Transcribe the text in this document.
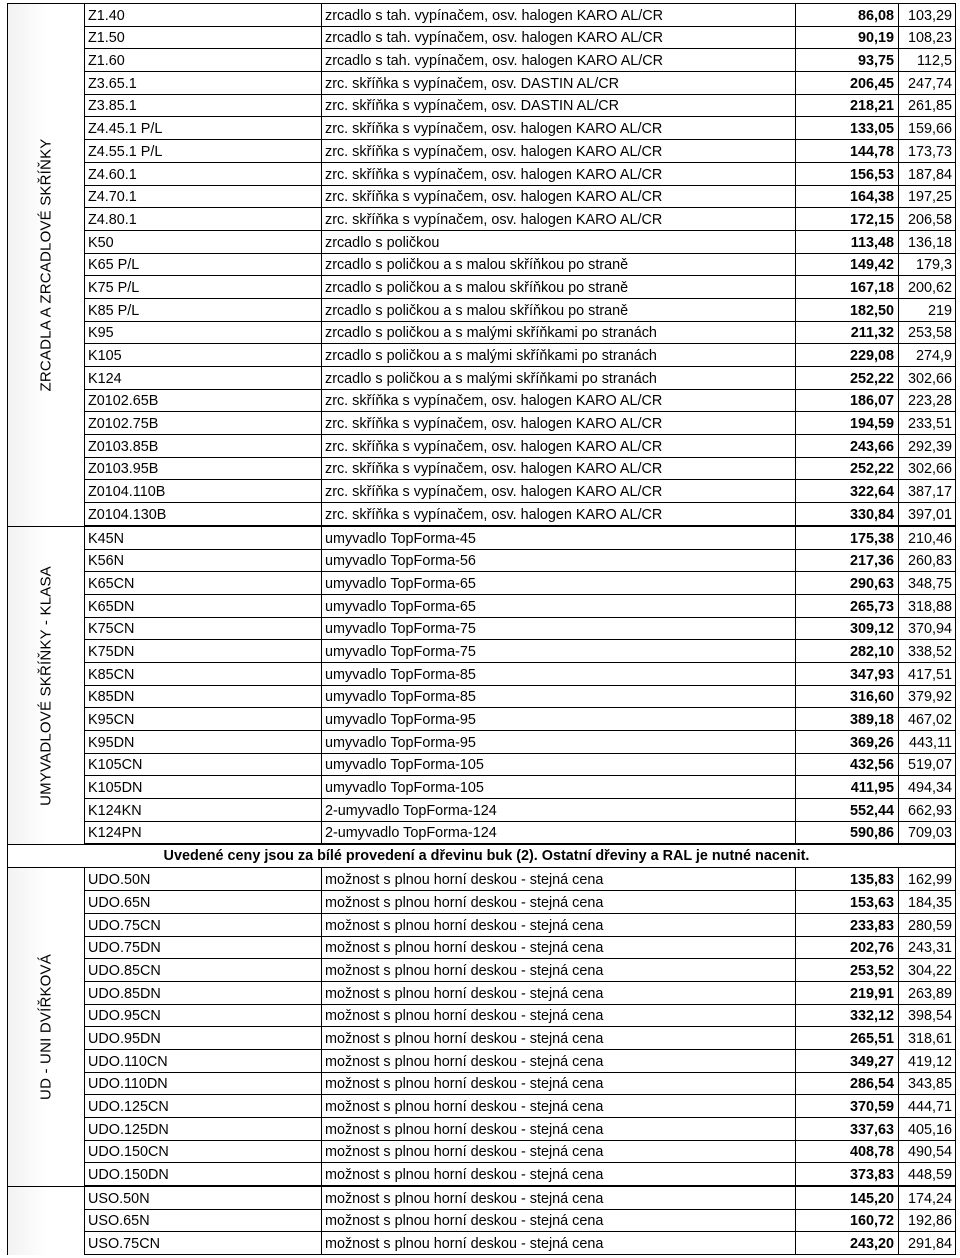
ZRCADLA A ZRCADLOVÉ SKŘÍŇKY
Z1.40	zrcadlo s tah. vypínačem, osv. halogen KARO AL/CR	86,08 103,29
Z1.50	zrcadlo s tah. vypínačem, osv. halogen KARO AL/CR	90,19 108,23
Z1.60	zrcadlo s tah. vypínačem, osv. halogen KARO AL/CR	93,75	112,5
Z3.65.1	zrc. skříňka s vypínačem, osv. DASTIN AL/CR	206,45 247,74
Z3.85.1	zrc. skříňka s vypínačem, osv. DASTIN AL/CR	218,21 261,85
Z4.45.1 P/L	zrc. skříňka s vypínačem, osv. halogen KARO AL/CR	133,05 159,66
Z4.55.1 P/L	zrc. skříňka s vypínačem, osv. halogen KARO AL/CR	144,78 173,73
Z4.60.1	zrc. skříňka s vypínačem, osv. halogen KARO AL/CR	156,53 187,84
Z4.70.1	zrc. skříňka s vypínačem, osv. halogen KARO AL/CR	164,38 197,25
Z4.80.1	zrc. skříňka s vypínačem, osv. halogen KARO AL/CR	172,15 206,58
K50	zrcadlo s poličkou	113,48 136,18
K65 P/L	zrcadlo s poličkou a s malou skříňkou po straně	149,42	179,3
K75 P/L	zrcadlo s poličkou a s malou skříňkou po straně	167,18 200,62
K85 P/L	zrcadlo s poličkou a s malou skříňkou po straně	182,50	219
K95	zrcadlo s poličkou a s malými skříňkami po stranách	211,32 253,58
K105	zrcadlo s poličkou a s malými skříňkami po stranách	229,08	274,9
K124	zrcadlo s poličkou a s malými skříňkami po stranách	252,22 302,66
Z0102.65B	zrc. skříňka s vypínačem, osv. halogen KARO AL/CR	186,07 223,28
Z0102.75B	zrc. skříňka s vypínačem, osv. halogen KARO AL/CR	194,59 233,51
Z0103.85B	zrc. skříňka s vypínačem, osv. halogen KARO AL/CR	243,66 292,39
Z0103.95B	zrc. skříňka s vypínačem, osv. halogen KARO AL/CR	252,22 302,66
Z0104.110B	zrc. skříňka s vypínačem, osv. halogen KARO AL/CR	322,64 387,17
Z0104.130B	zrc. skříňka s vypínačem, osv. halogen KARO AL/CR	330,84 397,01
UMYVADLOVÉ SKŘÍŇKY - KLASA
K45N	umyvadlo TopForma-45	175,38 210,46
K56N	umyvadlo TopForma-56	217,36 260,83
K65CN	umyvadlo TopForma-65	290,63 348,75
K65DN	umyvadlo TopForma-65	265,73 318,88
K75CN	umyvadlo TopForma-75	309,12 370,94
K75DN	umyvadlo TopForma-75	282,10 338,52
K85CN	umyvadlo TopForma-85	347,93 417,51
K85DN	umyvadlo TopForma-85	316,60 379,92
K95CN	umyvadlo TopForma-95	389,18 467,02
K95DN	umyvadlo TopForma-95	369,26	443,11
K105CN	umyvadlo TopForma-105	432,56 519,07
K105DN	umyvadlo TopForma-105	411,95 494,34
K124KN	2-umyvadlo TopForma-124	552,44 662,93
K124PN	2-umyvadlo TopForma-124	590,86 709,03
Uvedené ceny jsou za bílé provedení a dřevinu buk (2). Ostatní dřeviny a RAL je nutné nacenit.
UD - UNI DVÍŘKOVÁ
UDO.50N	možnost s plnou horní deskou - stejná cena	135,83 162,99
UDO.65N	možnost s plnou horní deskou - stejná cena	153,63 184,35
UDO.75CN	možnost s plnou horní deskou - stejná cena	233,83 280,59
UDO.75DN	možnost s plnou horní deskou - stejná cena	202,76 243,31
UDO.85CN	možnost s plnou horní deskou - stejná cena	253,52 304,22
UDO.85DN	možnost s plnou horní deskou - stejná cena	219,91 263,89
UDO.95CN	možnost s plnou horní deskou - stejná cena	332,12 398,54
UDO.95DN	možnost s plnou horní deskou - stejná cena	265,51 318,61
UDO.110CN	možnost s plnou horní deskou - stejná cena	349,27 419,12
UDO.110DN	možnost s plnou horní deskou - stejná cena	286,54 343,85
UDO.125CN	možnost s plnou horní deskou - stejná cena	370,59 444,71
UDO.125DN	možnost s plnou horní deskou - stejná cena	337,63 405,16
UDO.150CN	možnost s plnou horní deskou - stejná cena	408,78 490,54
UDO.150DN	možnost s plnou horní deskou - stejná cena	373,83 448,59
USO.50N	možnost s plnou horní deskou - stejná cena	145,20 174,24
USO.65N	možnost s plnou horní deskou - stejná cena	160,72 192,86
USO.75CN	možnost s plnou horní deskou - stejná cena	243,20 291,84
